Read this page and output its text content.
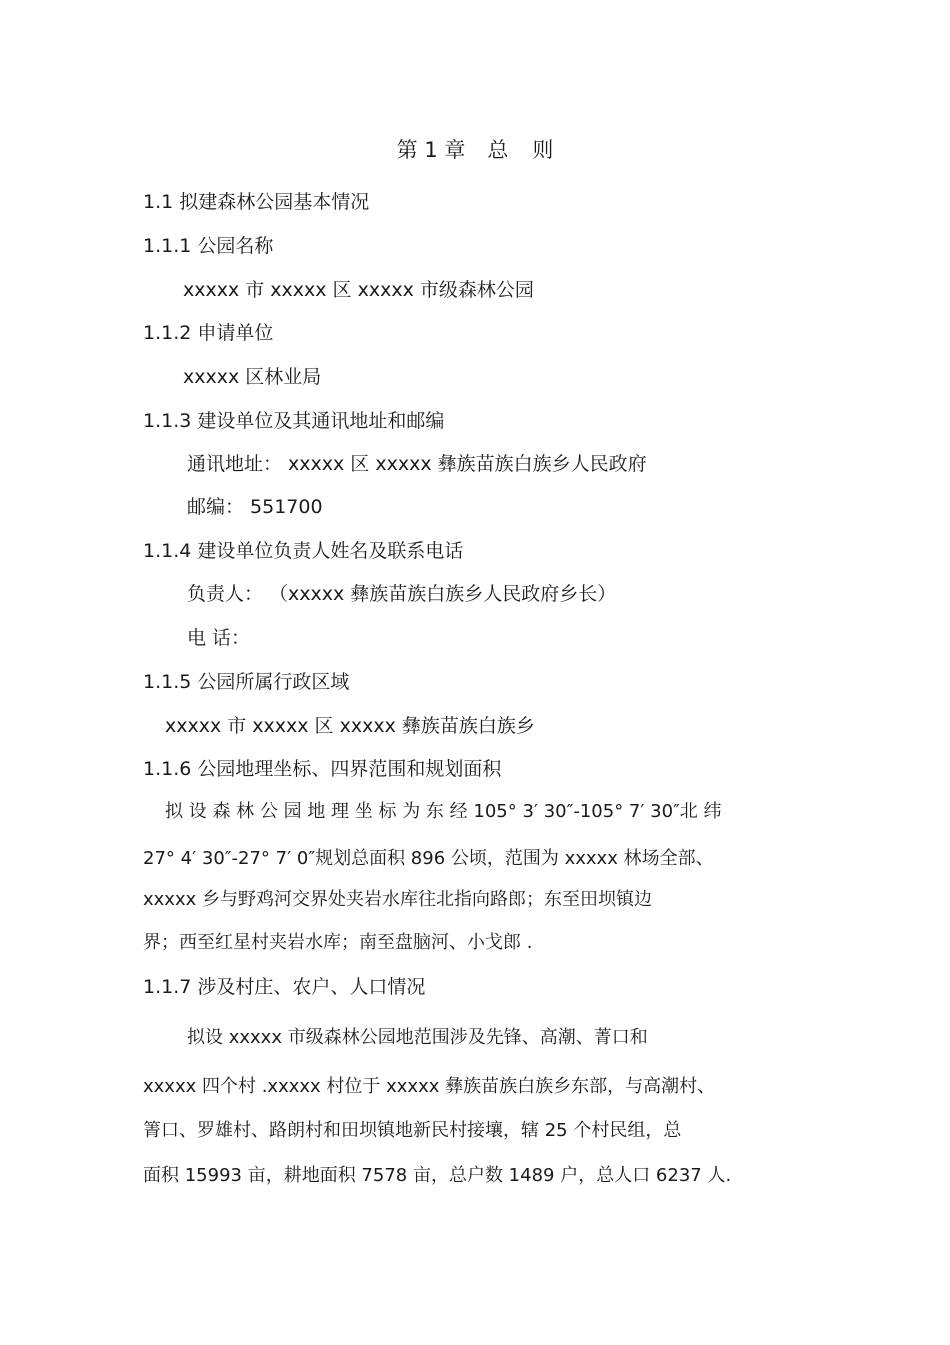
第 1 章 总 则
1.1 拟建森林公园基本情况
1.1.1 公园名称
xxxxx 市 xxxxx 区 xxxxx 市级森林公园
1.1.2 申请单位
xxxxx 区林业局
1.1.3 建设单位及其通讯地址和邮编
通讯地址： xxxxx 区 xxxxx 彝族苗族白族乡人民政府
邮编： 551700
1.1.4 建设单位负责人姓名及联系电话
负责人： （xxxxx 彝族苗族白族乡人民政府乡长）
电 话：
1.1.5 公园所属行政区域
xxxxx 市 xxxxx 区 xxxxx 彝族苗族白族乡
1.1.6 公园地理坐标、四界范围和规划面积
拟 设 森 林 公 园 地 理 坐 标 为 东 经 105° 3′ 30″-105° 7′ 30″北 纬
27° 4′ 30″-27° 7′ 0″规划总面积 896 公顷，范围为 xxxxx 林场全部、
xxxxx 乡与野鸡河交界处夹岩水库往北指向路郎；东至田坝镇边
界；西至红星村夹岩水库；南至盘脑河、小戈郎 .
1.1.7 涉及村庄、农户、人口情况
拟设 xxxxx 市级森林公园地范围涉及先锋、高潮、菁口和
xxxxx 四个村 .xxxxx 村位于 xxxxx 彝族苗族白族乡东部，与高潮村、
箐口、罗雄村、路朗村和田坝镇地新民村接壤，辖 25 个村民组，总
面积 15993 亩，耕地面积 7578 亩，总户数 1489 户，总人口 6237 人.
